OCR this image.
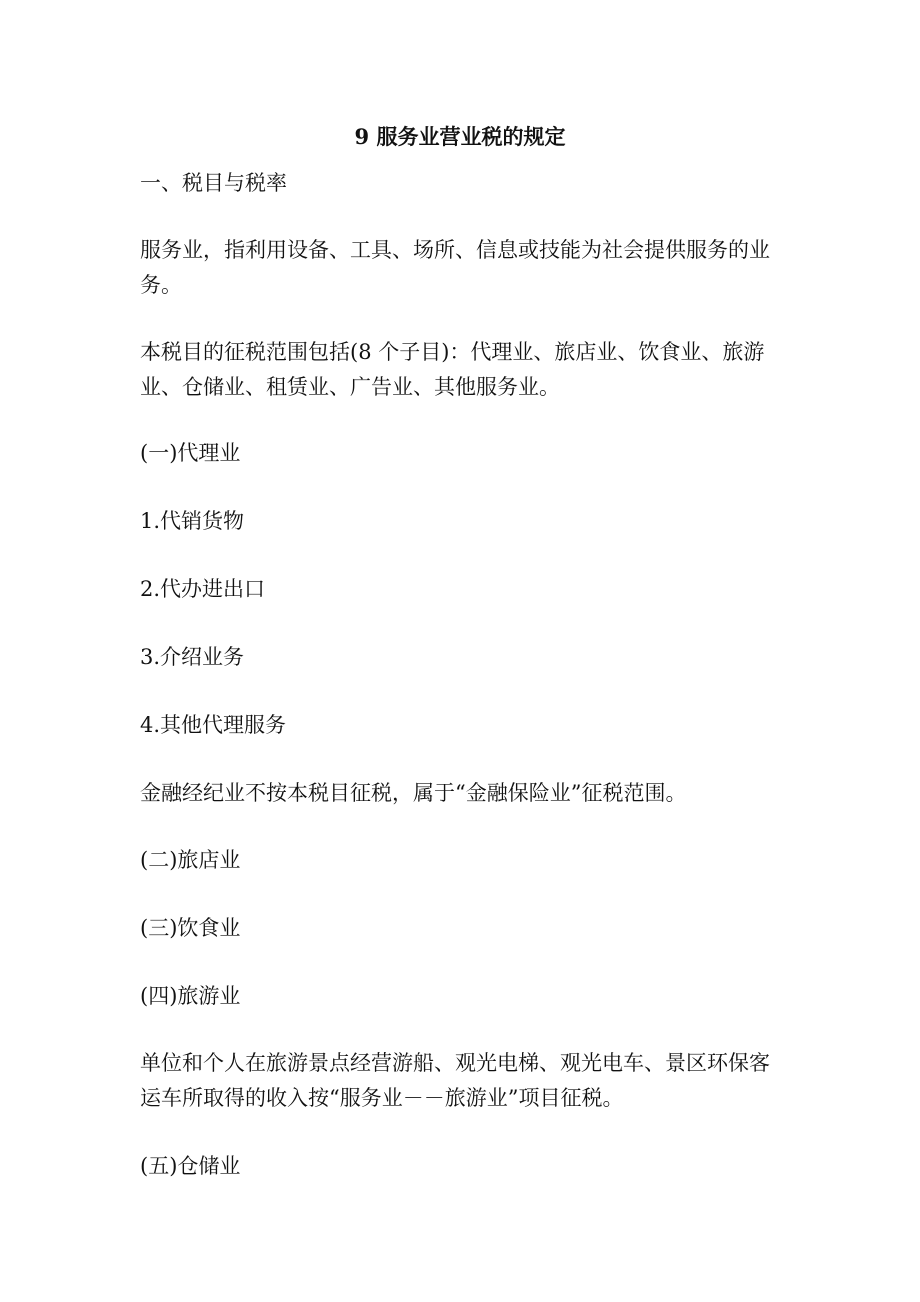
9 服务业营业税的规定
一、税目与税率
服务业，指利用设备、工具、场所、信息或技能为社会提供服务的业
务。
本税目的征税范围包括(8 个子目)：代理业、旅店业、饮食业、旅游
业、仓储业、租赁业、广告业、其他服务业。
(一)代理业
1.代销货物
2.代办进出口
3.介绍业务
4.其他代理服务
金融经纪业不按本税目征税，属于“金融保险业”征税范围。
(二)旅店业
(三)饮食业
(四)旅游业
单位和个人在旅游景点经营游船、观光电梯、观光电车、景区环保客
运车所取得的收入按“服务业－－旅游业”项目征税。
(五)仓储业
